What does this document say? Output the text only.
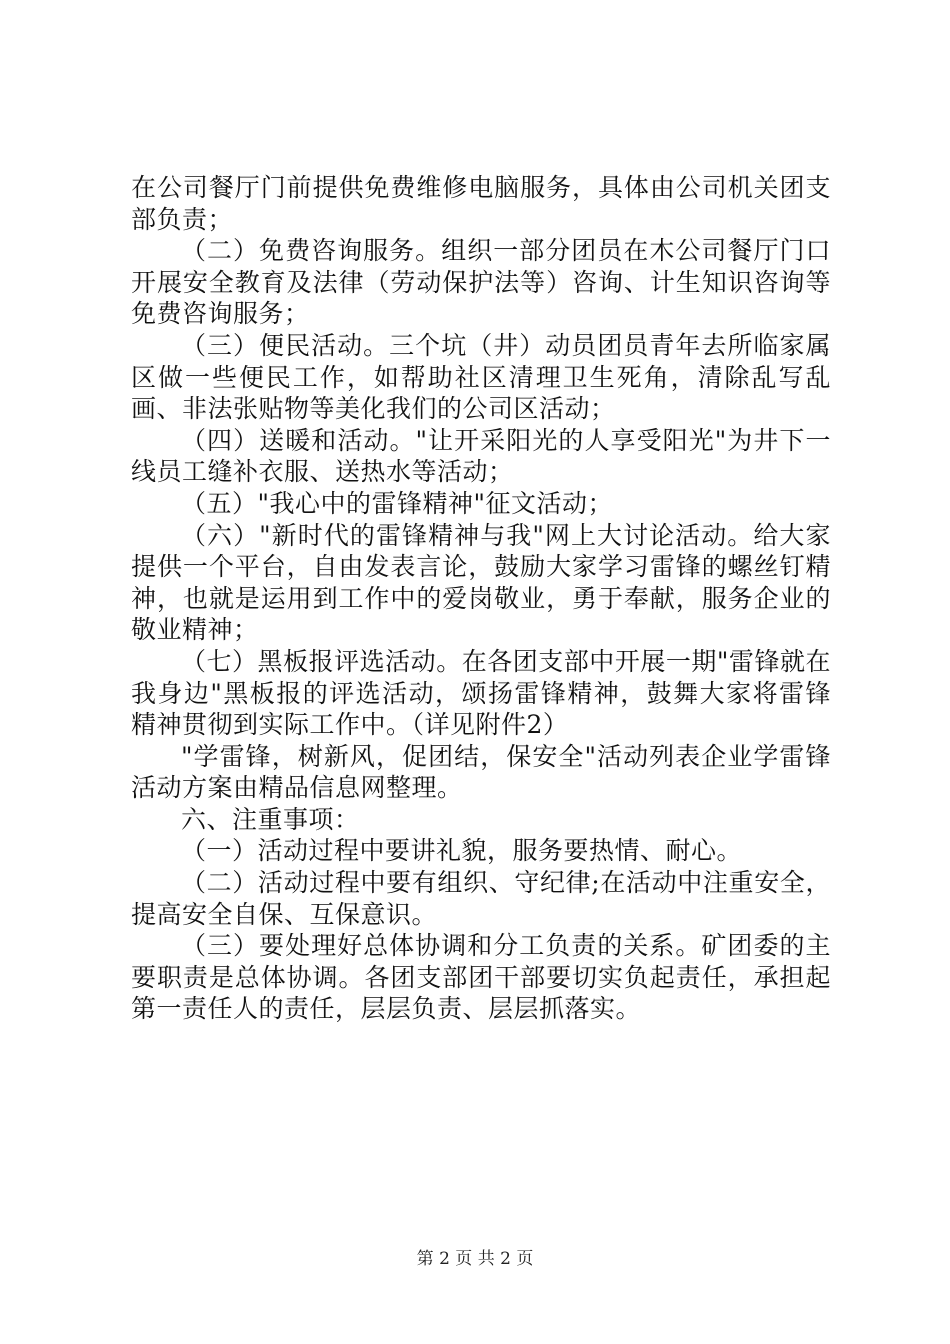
在公司餐厅门前提供免费维修电脑服务，具体由公司机关团支部负责；

（二）免费咨询服务。组织一部分团员在木公司餐厅门口开展安全教育及法律（劳动保护法等）咨询、计生知识咨询等免费咨询服务；

（三）便民活动。三个坑（井）动员团员青年去所临家属区做一些便民工作，如帮助社区清理卫生死角，清除乱写乱画、非法张贴物等美化我们的公司区活动；

（四）送暖和活动。"让开采阳光的人享受阳光"为井下一线员工缝补衣服、送热水等活动；

（五）"我心中的雷锋精神"征文活动；

（六）"新时代的雷锋精神与我"网上大讨论活动。给大家提供一个平台，自由发表言论，鼓励大家学习雷锋的螺丝钉精神，也就是运用到工作中的爱岗敬业，勇于奉献，服务企业的敬业精神；

（七）黑板报评选活动。在各团支部中开展一期"雷锋就在我身边"黑板报的评选活动，颂扬雷锋精神，鼓舞大家将雷锋精神贯彻到实际工作中。（详见附件2）

"学雷锋，树新风，促团结，保安全"活动列表企业学雷锋活动方案由精品信息网整理。

六、注重事项：

（一）活动过程中要讲礼貌，服务要热情、耐心。

（二）活动过程中要有组织、守纪律;在活动中注重安全，提高安全自保、互保意识。

（三）要处理好总体协调和分工负责的关系。矿团委的主要职责是总体协调。各团支部团干部要切实负起责任，承担起第一责任人的责任，层层负责、层层抓落实。

第 2 页 共 2 页
